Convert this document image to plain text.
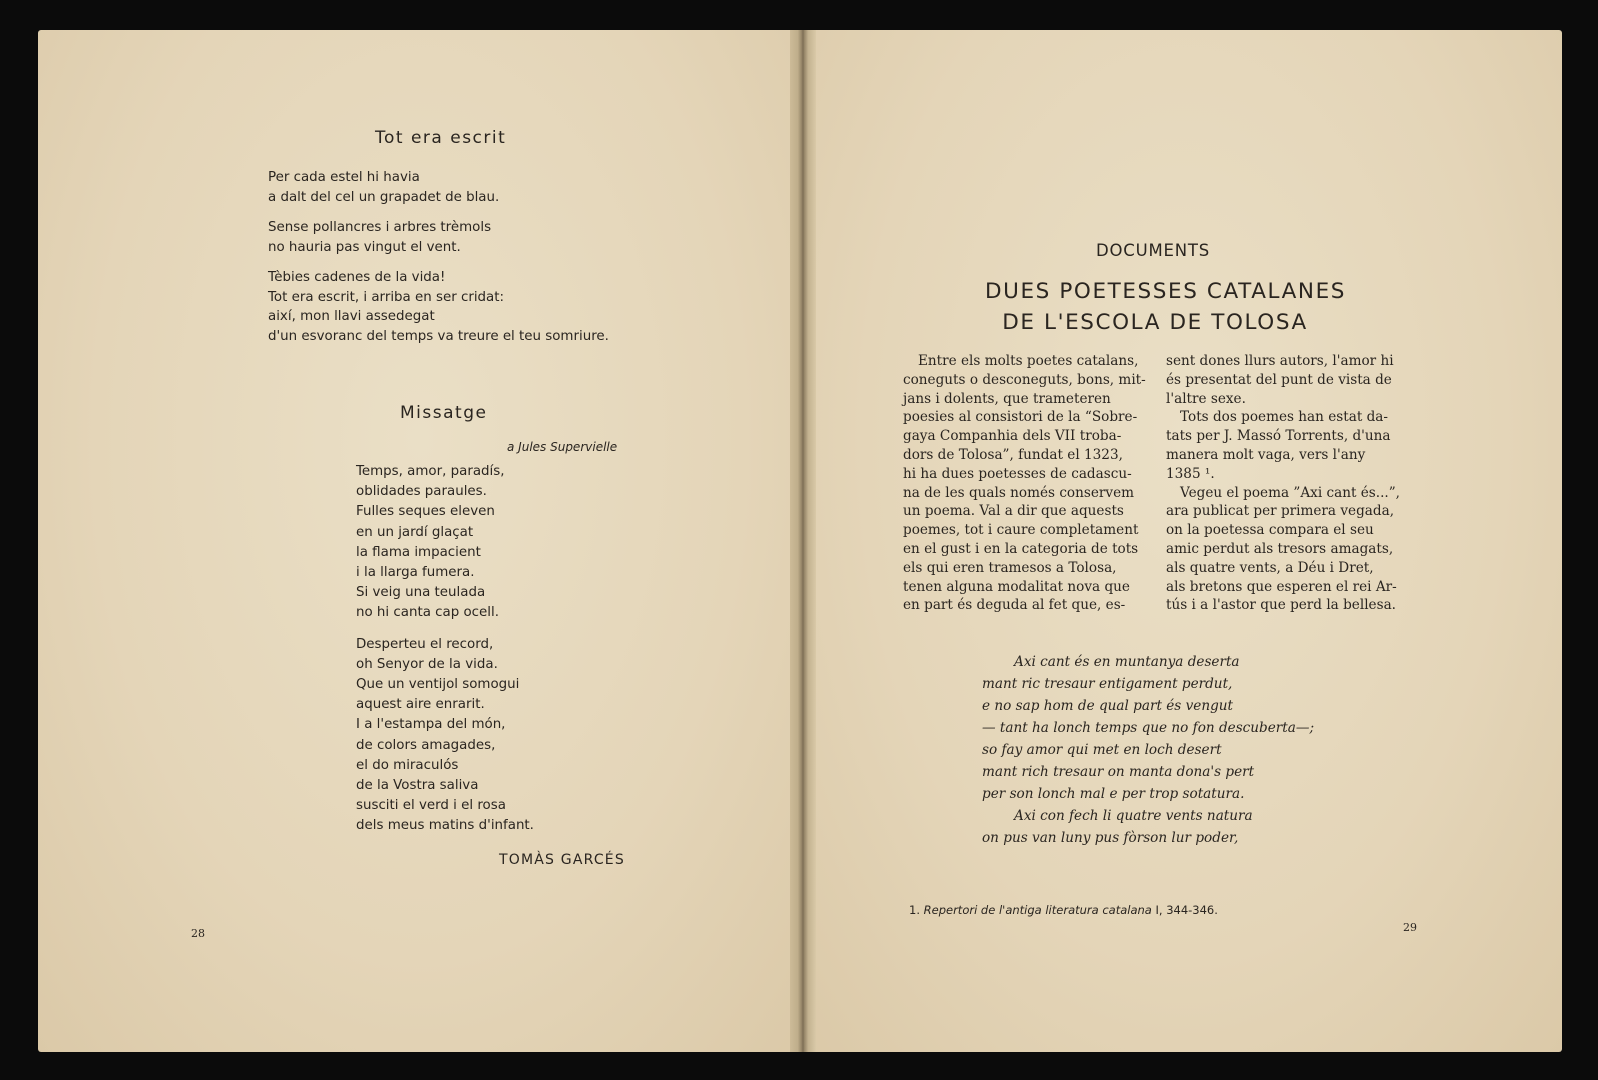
Tot era escrit
Per cada estel hi havia
a dalt del cel un grapadet de blau.
Sense pollancres i arbres trèmols
no hauria pas vingut el vent.
Tèbies cadenes de la vida!
Tot era escrit, i arriba en ser cridat:
així, mon llavi assedegat
d'un esvoranc del temps va treure el teu somriure.
Missatge
a Jules Supervielle
Temps, amor, paradís,
oblidades paraules.
Fulles seques eleven
en un jardí glaçat
la flama impacient
i la llarga fumera.
Si veig una teulada
no hi canta cap ocell.
Desperteu el record,
oh Senyor de la vida.
Que un ventijol somogui
aquest aire enrarit.
I a l'estampa del món,
de colors amagades,
el do miraculós
de la Vostra saliva
susciti el verd i el rosa
dels meus matins d'infant.
TOMÀS GARCÉS
28
DOCUMENTS
DUES POETESSES CATALANES
DE L'ESCOLA DE TOLOSA

Entre els molts poetes catalans,

coneguts o desconeguts, bons, mit-

jans i dolents, que trameteren

poesies al consistori de la “Sobre-

gaya Companhia dels VII troba-

dors de Tolosa”, fundat el 1323,

hi ha dues poetesses de cadascu-

na de les quals només conservem

un poema. Val a dir que aquests

poemes, tot i caure completament

en el gust i en la categoria de tots

els qui eren tramesos a Tolosa,

tenen alguna modalitat nova que

en part és deguda al fet que, es-

sent dones llurs autors, l'amor hi

és presentat del punt de vista de

l'altre sexe.

Tots dos poemes han estat da-

tats per J. Massó Torrents, d'una

manera molt vaga, vers l'any

1385 ¹.

Vegeu el poema ”Axi cant és...”,

ara publicat per primera vegada,

on la poetessa compara el seu

amic perdut als tresors amagats,

als quatre vents, a Déu i Dret,

als bretons que esperen el rei Ar-

tús i a l'astor que perd la bellesa.

Axi cant és en muntanya deserta
mant ric tresaur entigament perdut,
e no sap hom de qual part és vengut
— tant ha lonch temps que no fon descuberta—;
so fay amor qui met en loch desert
mant rich tresaur on manta dona's pert
per son lonch mal e per trop sotatura.
Axi con fech li quatre vents natura
on pus van luny pus fòrson lur poder,
1. Repertori de l'antiga literatura catalana I, 344-346.
29
